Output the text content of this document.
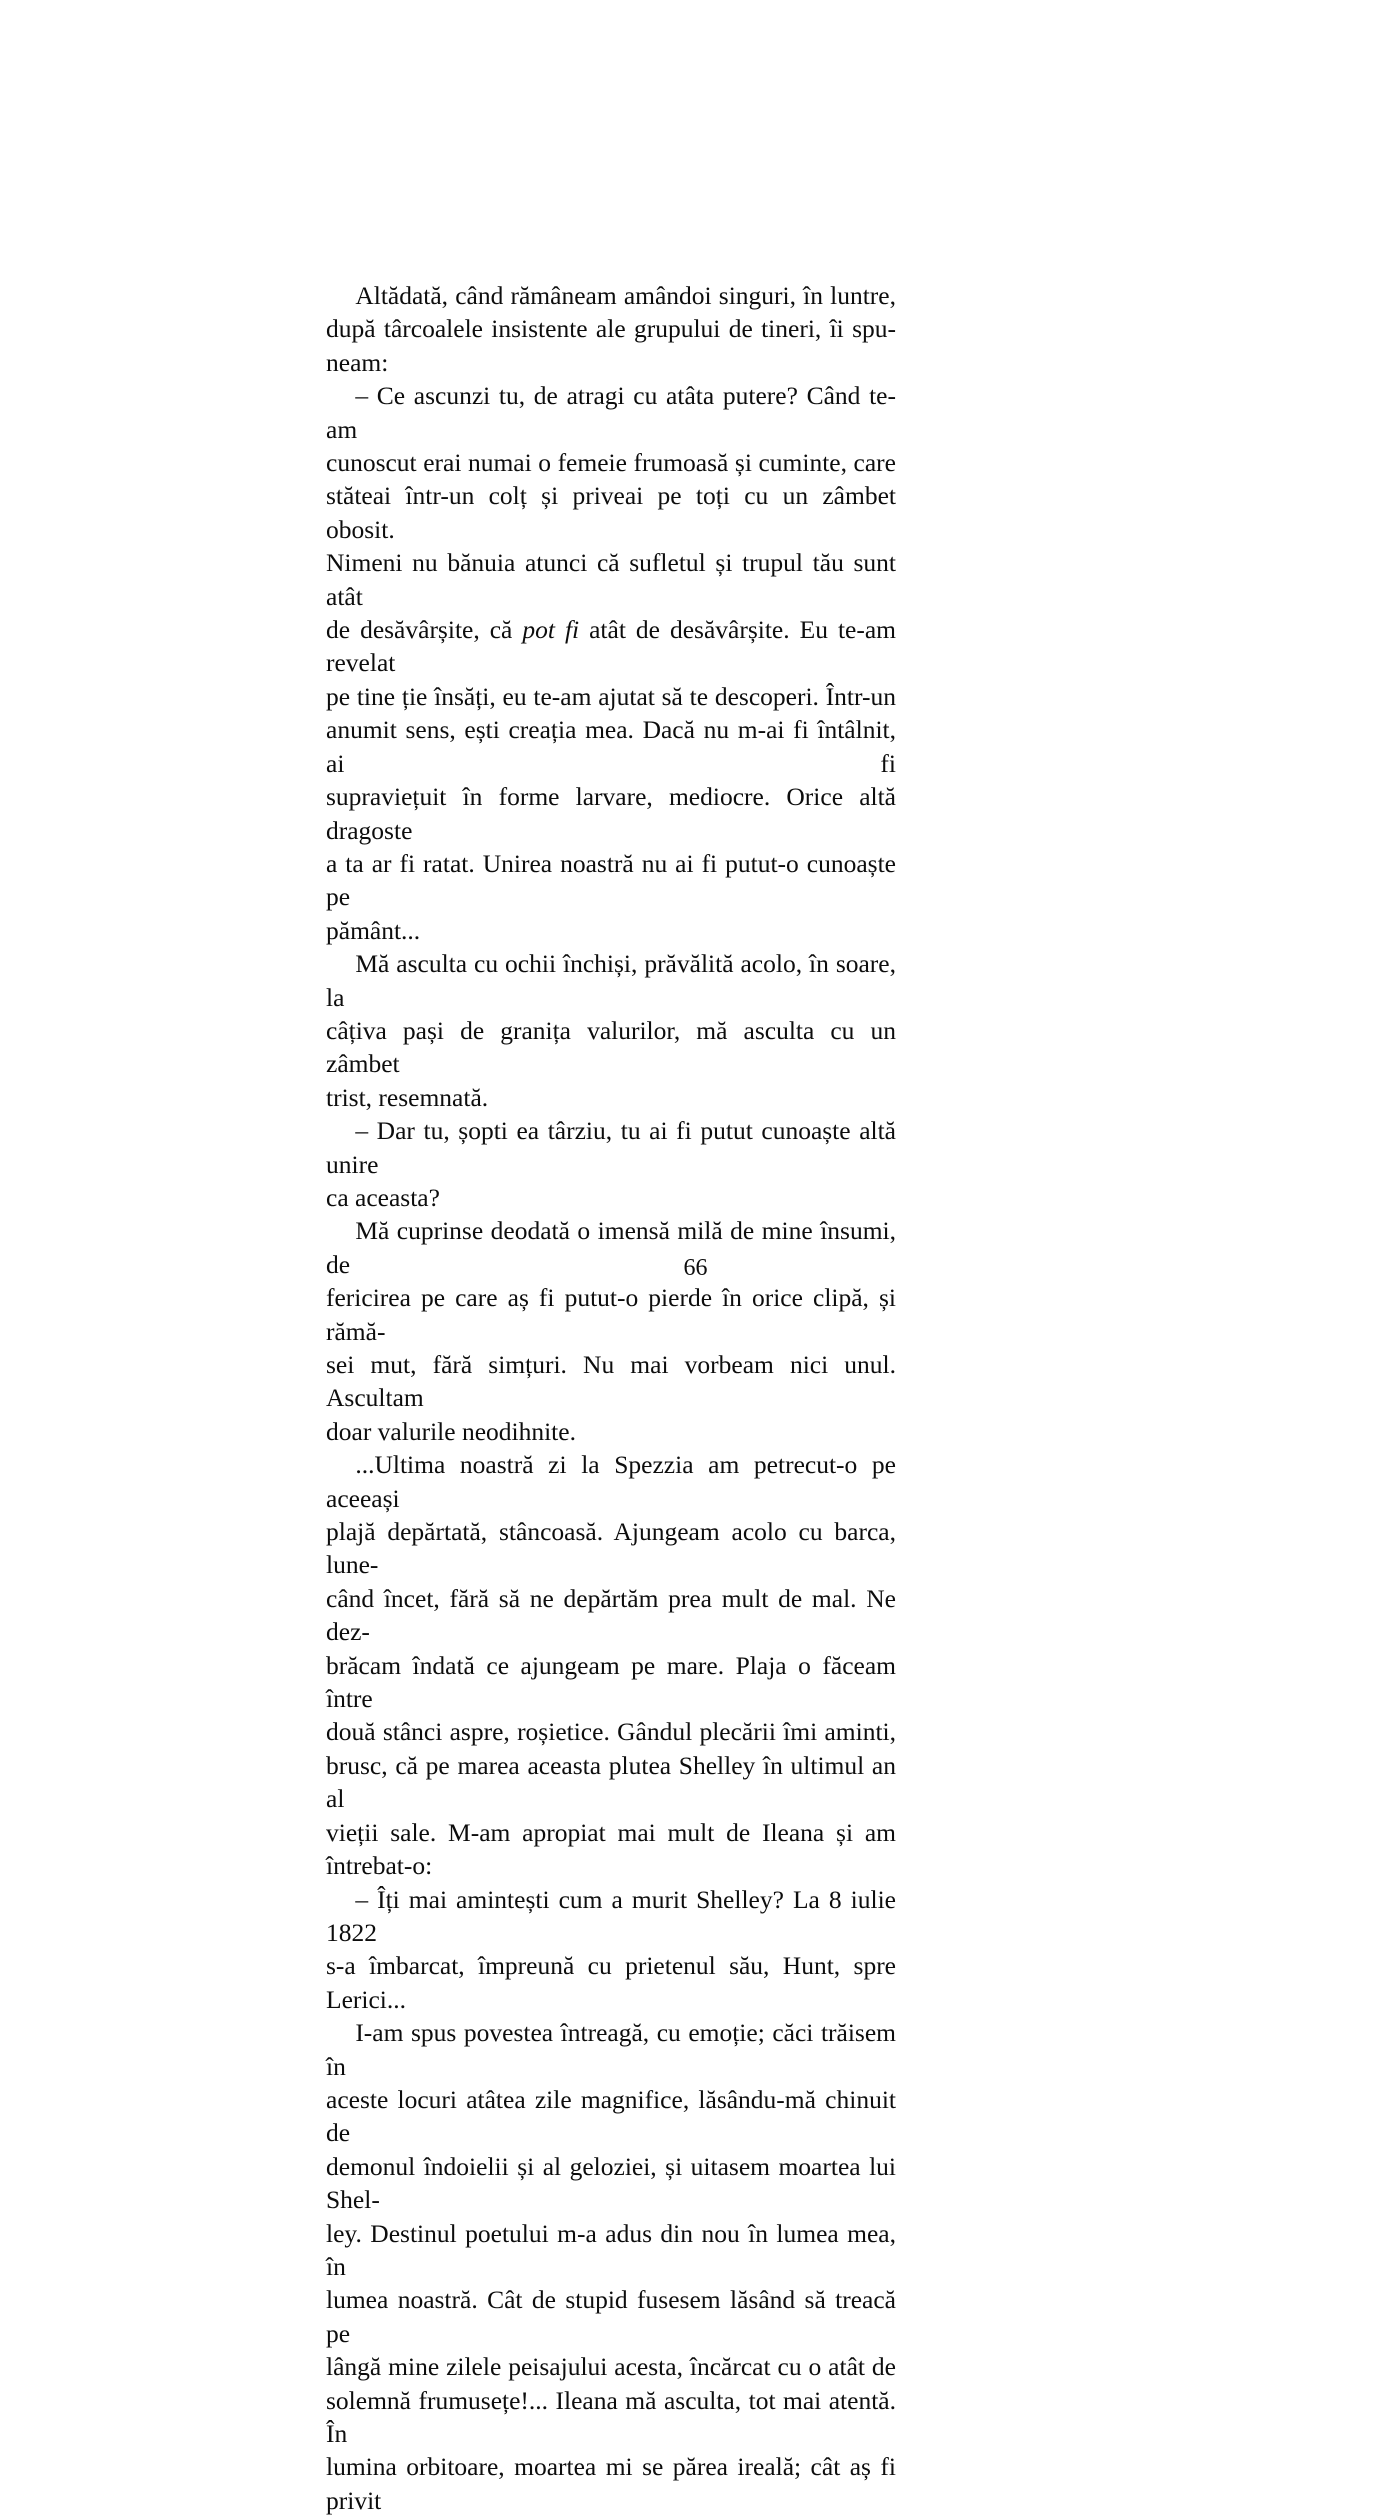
Altădată, când rămâneam amândoi singuri, în luntre,
după târcoalele insistente ale grupului de tineri, îi spu-
neam:
– Ce ascunzi tu, de atragi cu atâta putere? Când te-am
cunoscut erai numai o femeie frumoasă și cuminte, care
stăteai într-un colț și priveai pe toți cu un zâmbet obosit.
Nimeni nu bănuia atunci că sufletul și trupul tău sunt atât
de desăvârșite, că pot fi atât de desăvârșite. Eu te-am revelat
pe tine ție însăți, eu te-am ajutat să te descoperi. Într-un
anumit sens, ești creația mea. Dacă nu m-ai fi întâlnit, ai fi
supraviețuit în forme larvare, mediocre. Orice altă dragoste
a ta ar fi ratat. Unirea noastră nu ai fi putut-o cunoaște pe
pământ...
Mă asculta cu ochii închiși, prăvălită acolo, în soare, la
câțiva pași de granița valurilor, mă asculta cu un zâmbet
trist, resemnată.
– Dar tu, șopti ea târziu, tu ai fi putut cunoaște altă unire
ca aceasta?
Mă cuprinse deodată o imensă milă de mine însumi, de
fericirea pe care aș fi putut-o pierde în orice clipă, și rămă-
sei mut, fără simțuri. Nu mai vorbeam nici unul. Ascultam
doar valurile neodihnite.
...Ultima noastră zi la Spezzia am petrecut-o pe aceeași
plajă depărtată, stâncoasă. Ajungeam acolo cu barca, lune-
când încet, fără să ne depărtăm prea mult de mal. Ne dez-
brăcam îndată ce ajungeam pe mare. Plaja o făceam între
două stânci aspre, roșietice. Gândul plecării îmi aminti,
brusc, că pe marea aceasta plutea Shelley în ultimul an al
vieții sale. M-am apropiat mai mult de Ileana și am întrebat-o:
– Îți mai amintești cum a murit Shelley? La 8 iulie 1822
s-a îmbarcat, împreună cu prietenul său, Hunt, spre Lerici...
I-am spus povestea întreagă, cu emoție; căci trăisem în
aceste locuri atâtea zile magnifice, lăsându-mă chinuit de
demonul îndoielii și al geloziei, și uitasem moartea lui Shel-
ley. Destinul poetului m-a adus din nou în lumea mea, în
lumea noastră. Cât de stupid fusesem lăsând să treacă pe
lângă mine zilele peisajului acesta, încărcat cu o atât de
solemnă frumusețe!... Ileana mă asculta, tot mai atentă. În
lumina orbitoare, moartea mi se părea ireală; cât aș fi privit
66
